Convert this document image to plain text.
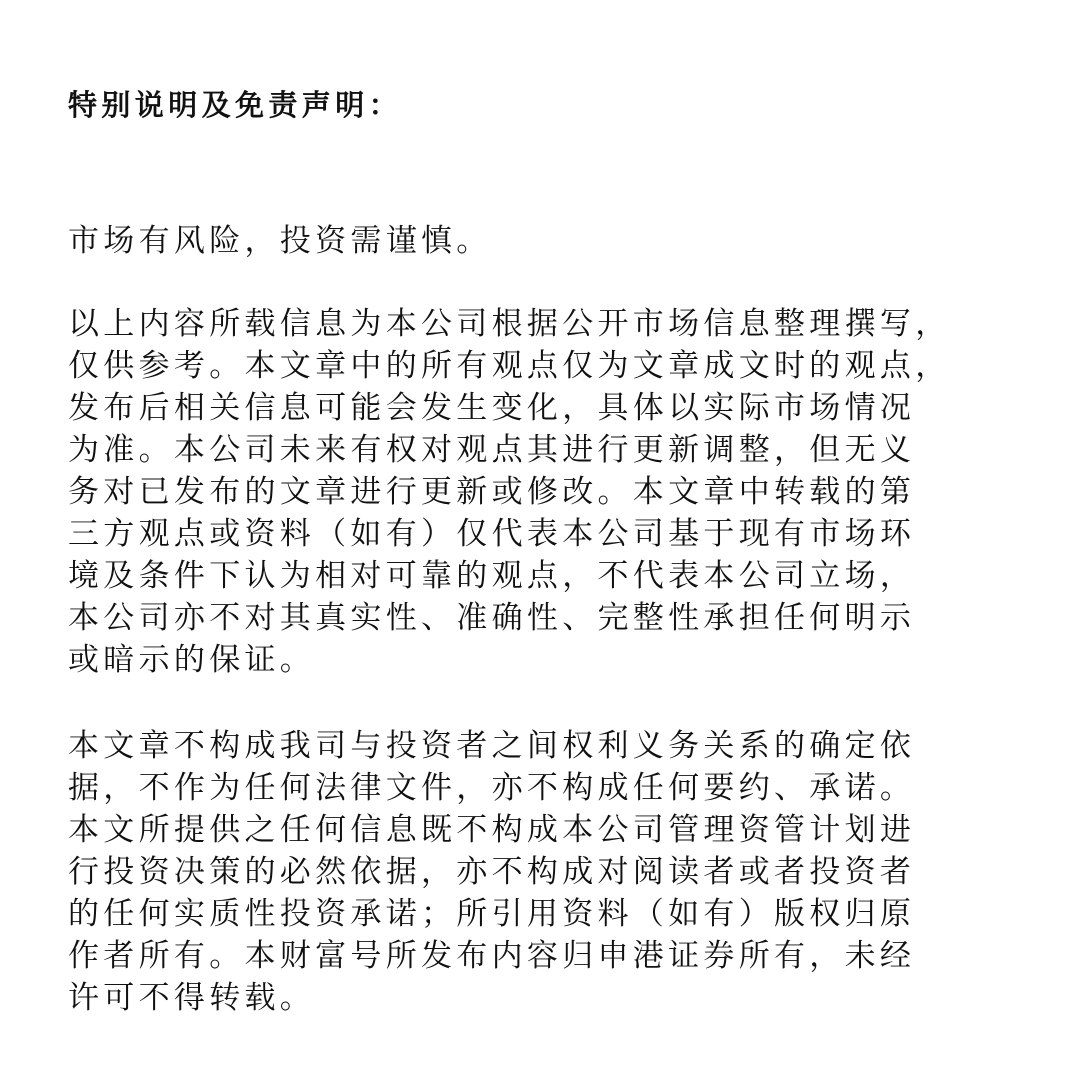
特别说明及免责声明：

市场有风险，投资需谨慎。

以上内容所载信息为本公司根据公开市场信息整理撰写，
仅供参考。本文章中的所有观点仅为文章成文时的观点，
发布后相关信息可能会发生变化，具体以实际市场情况
为准。本公司未来有权对观点其进行更新调整，但无义
务对已发布的文章进行更新或修改。本文章中转载的第
三方观点或资料（如有）仅代表本公司基于现有市场环
境及条件下认为相对可靠的观点，不代表本公司立场，
本公司亦不对其真实性、准确性、完整性承担任何明示
或暗示的保证。

本文章不构成我司与投资者之间权利义务关系的确定依
据，不作为任何法律文件，亦不构成任何要约、承诺。
本文所提供之任何信息既不构成本公司管理资管计划进
行投资决策的必然依据，亦不构成对阅读者或者投资者
的任何实质性投资承诺；所引用资料（如有）版权归原
作者所有。本财富号所发布内容归申港证券所有，未经
许可不得转载。
